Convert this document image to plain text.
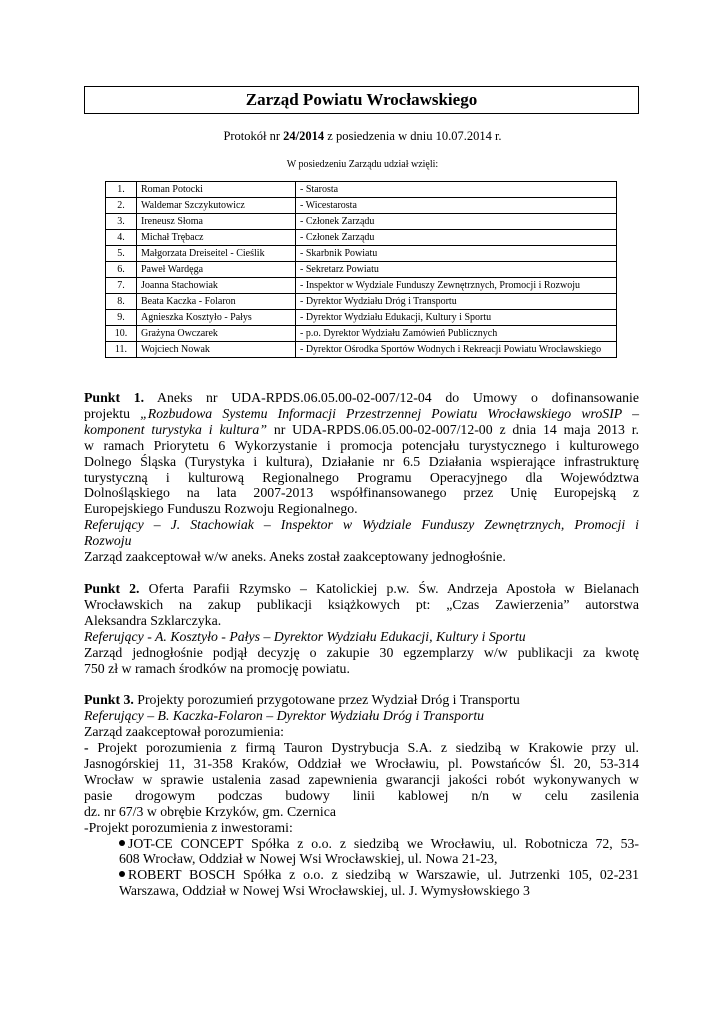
Zarząd Powiatu Wrocławskiego
Protokół nr 24/2014 z posiedzenia w dniu 10.07.2014 r.
W posiedzeniu Zarządu udział wzięli:
1.	Roman Potocki	- Starosta
2.	Waldemar Szczykutowicz	- Wicestarosta
3.	Ireneusz Słoma	- Członek Zarządu
4.	Michał Trębacz	- Członek Zarządu
5.	Małgorzata Dreiseitel - Cieślik	- Skarbnik Powiatu
6.	Paweł Wardęga	- Sekretarz Powiatu
7.	Joanna Stachowiak	- Inspektor w Wydziale Funduszy Zewnętrznych, Promocji i Rozwoju
8.	Beata Kaczka - Folaron	- Dyrektor Wydziału Dróg i Transportu
9.	Agnieszka Kosztyło - Pałys	- Dyrektor Wydziału Edukacji, Kultury i Sportu
10.	Grażyna Owczarek	- p.o. Dyrektor Wydziału Zamówień Publicznych
11.	Wojciech Nowak	- Dyrektor Ośrodka Sportów Wodnych i Rekreacji Powiatu Wrocławskiego

Punkt 1. Aneks nr UDA-RPDS.06.05.00-02-007/12-04 do Umowy o dofinansowanie

projektu „Rozbudowa Systemu Informacji Przestrzennej Powiatu Wrocławskiego wroSIP –

komponent turystyka i kultura” nr UDA-RPDS.06.05.00-02-007/12-00 z dnia 14 maja 2013 r.

w ramach Priorytetu 6 Wykorzystanie i promocja potencjału turystycznego i kulturowego

Dolnego Śląska (Turystyka i kultura), Działanie nr 6.5 Działania wspierające infrastrukturę

turystyczną i kulturową Regionalnego Programu Operacyjnego dla Województwa

Dolnośląskiego na lata 2007-2013 współfinansowanego przez Unię Europejską z

Europejskiego Funduszu Rozwoju Regionalnego.

Referujący – J. Stachowiak – Inspektor w Wydziale Funduszy Zewnętrznych, Promocji i

Rozwoju

Zarząd zaakceptował w/w aneks. Aneks został zaakceptowany jednogłośnie.

Punkt 2. Oferta Parafii Rzymsko – Katolickiej p.w. Św. Andrzeja Apostoła w Bielanach

Wrocławskich na zakup publikacji książkowych pt: „Czas Zawierzenia” autorstwa

Aleksandra Szklarczyka.

Referujący - A. Kosztyło - Pałys – Dyrektor Wydziału Edukacji, Kultury i Sportu

Zarząd jednogłośnie podjął decyzję o zakupie 30 egzemplarzy w/w publikacji za kwotę

750 zł w ramach środków na promocję powiatu.

Punkt 3. Projekty porozumień przygotowane przez Wydział Dróg i Transportu

Referujący – B. Kaczka-Folaron – Dyrektor Wydziału Dróg i Transportu

Zarząd zaakceptował porozumienia:

- Projekt porozumienia z firmą Tauron Dystrybucja S.A. z siedzibą w Krakowie przy ul.

Jasnogórskiej 11, 31-358 Kraków, Oddział we Wrocławiu, pl. Powstańców Śl. 20, 53-314

Wrocław w sprawie ustalenia zasad zapewnienia gwarancji jakości robót wykonywanych w

pasie drogowym podczas budowy linii kablowej n/n w celu zasilenia

dz. nr 67/3 w obrębie Krzyków, gm. Czernica

-Projekt porozumienia z inwestorami:

JOT-CE CONCEPT Spółka z o.o. z siedzibą we Wrocławiu, ul. Robotnicza 72, 53-

608 Wrocław, Oddział w Nowej Wsi Wrocławskiej, ul. Nowa 21-23,

ROBERT BOSCH Spółka z o.o. z siedzibą w Warszawie, ul. Jutrzenki 105, 02-231

Warszawa, Oddział w Nowej Wsi Wrocławskiej, ul. J. Wymysłowskiego 3
